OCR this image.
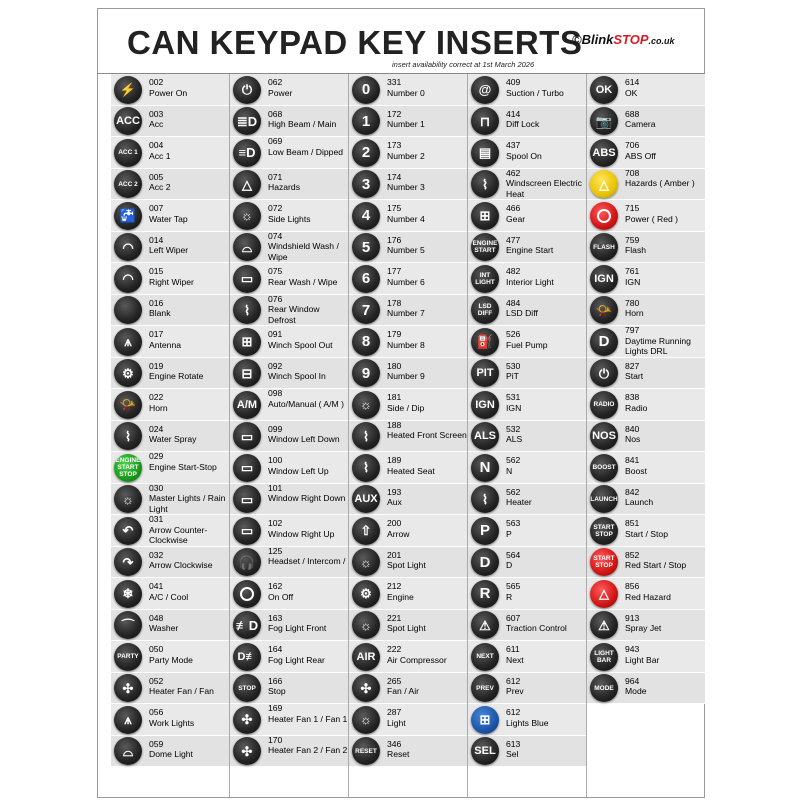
CAN KEYPAD KEY INSERTS
©BlinkSTOP.co.uk
insert availability correct at 1st March 2026
⚡ 002
Power On
ACC
003
Acc
ACC 1
004
Acc 1
ACC 2
005
Acc 2
🚰 007
Water Tap
◠ 014
Left Wiper
◠ 015
Right Wiper
016
Blank
⩚ 017
Antenna
⚙ 019
Engine Rotate
📯 022
Horn
⌇ 024
Water Spray
ENGINE START STOP
029
Engine Start-Stop
☼
030
Master Lights / Rain Light
↶
031
Arrow Counter-Clockwise
↷ 032
Arrow Clockwise
❄ 041
A/C / Cool
⌒ 048
Washer
PARTY
050
Party Mode
✣ 052
Heater Fan / Fan
⩚ 056
Work Lights
⌓ 059
Dome Light
⏻ 062
Power
≣D 068
High Beam / Main
≡D
069
Low Beam / Dipped
△ 071
Hazards
☼ 072
Side Lights
⌓
074
Windshield Wash / Wipe
▭ 075
Rear Wash / Wipe
⌇
076
Rear Window Defrost
⊞ 091
Winch Spool Out
⊟ 092
Winch Spool In
A/M
098
Auto/Manual ( A/M )
▭ 099
Window Left Down
▭ 100
Window Left Up
▭
101
Window Right Down
▭ 102
Window Right Up
🎧
125
Headset / Intercom /
162
On Off
≢D 163
Fog Light Front
D≢
164
Fog Light Rear
STOP
166
Stop
✣
169
Heater Fan 1 / Fan 1
✣
170
Heater Fan 2 / Fan 2
0 331
Number 0
1 172
Number 1
2 173
Number 2
3 174
Number 3
4 175
Number 4
5 176
Number 5
6 177
Number 6
7 178
Number 7
8 179
Number 8
9 180
Number 9
☼ 181
Side / Dip
⌇
188
Heated Front Screen
⌇ 189
Heated Seat
AUX
193
Aux
⇧ 200
Arrow
☼ 201
Spot Light
⚙ 212
Engine
☼ 221
Spot Light
AIR
222
Air Compressor
✣ 265
Fan / Air
☼ 287
Light
RESET
346
Reset
@ 409
Suction / Turbo
⊓ 414
Diff Lock
▤ 437
Spool On
⌇
462
Windscreen Electric Heat
⊞ 466
Gear
ENGINE START
477
Engine Start
INT LIGHT
482
Interior Light
LSD DIFF
484
LSD Diff
⛽ 526
Fuel Pump
PIT
530
PiT
IGN
531
IGN
ALS
532
ALS
N 562
N
⌇ 562
Heater
P 563
P
D 564
D
R 565
R
⚠ 607
Traction Control
NEXT
611
Next
PREV
612
Prev
⊞ 612
Lights Blue
SEL
613
Sel
OK
614
OK
📷 688
Camera
ABS
706
ABS Off
△
708
Hazards ( Amber )
715
Power ( Red )
FLASH
759
Flash
IGN
761
IGN
📯 780
Horn
D
797
Daytime Running Lights DRL
⏻ 827
Start
RADIO
838
Radio
NOS
840
Nos
BOOST
841
Boost
LAUNCH
842
Launch
START STOP
851
Start / Stop
START STOP
852
Red Start / Stop
△ 856
Red Hazard
⚠ 913
Spray Jet
LIGHT BAR
943
Light Bar
MODE
964
Mode
